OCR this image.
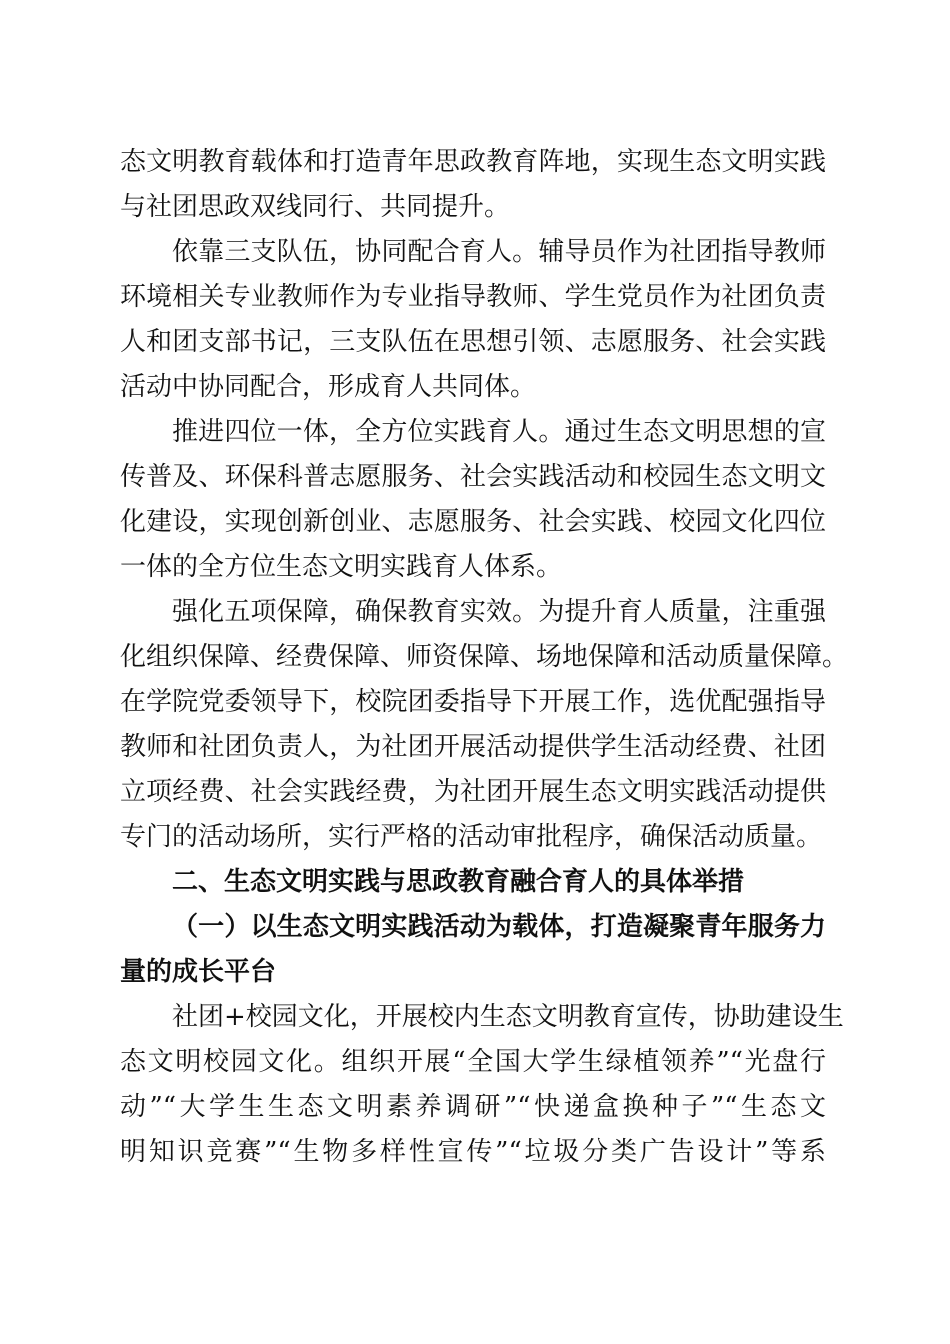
态文明教育载体和打造青年思政教育阵地，实现生态文明实践
与社团思政双线同行、共同提升。
依靠三支队伍，协同配合育人。辅导员作为社团指导教师
环境相关专业教师作为专业指导教师、学生党员作为社团负责
人和团支部书记，三支队伍在思想引领、志愿服务、社会实践
活动中协同配合，形成育人共同体。
推进四位一体，全方位实践育人。通过生态文明思想的宣
传普及、环保科普志愿服务、社会实践活动和校园生态文明文
化建设，实现创新创业、志愿服务、社会实践、校园文化四位
一体的全方位生态文明实践育人体系。
强化五项保障，确保教育实效。为提升育人质量，注重强
化组织保障、经费保障、师资保障、场地保障和活动质量保障。
在学院党委领导下，校院团委指导下开展工作，选优配强指导
教师和社团负责人，为社团开展活动提供学生活动经费、社团
立项经费、社会实践经费，为社团开展生态文明实践活动提供
专门的活动场所，实行严格的活动审批程序，确保活动质量。
二、生态文明实践与思政教育融合育人的具体举措
（一）以生态文明实践活动为载体，打造凝聚青年服务力
量的成长平台
社团+校园文化，开展校内生态文明教育宣传，协助建设生
态文明校园文化。组织开展“全国大学生绿植领养”“光盘行
动”“大学生生态文明素养调研”“快递盒换种子”“生态文
明知识竞赛”“生物多样性宣传”“垃圾分类广告设计”等系
